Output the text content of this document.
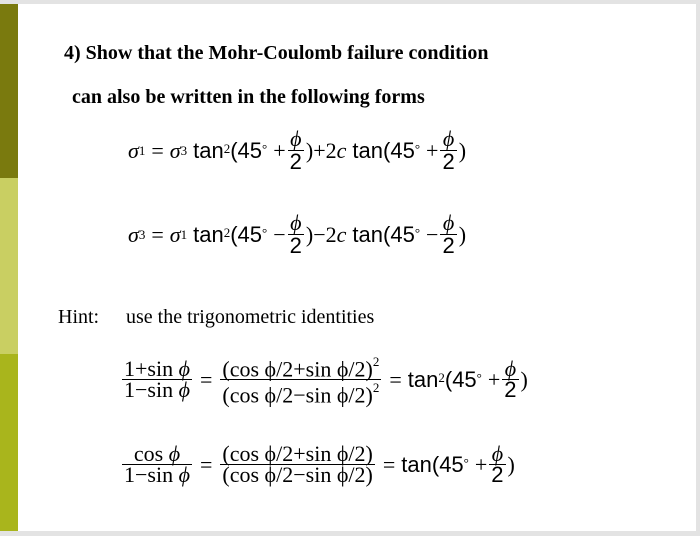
4) Show that the Mohr-Coulomb failure condition
can also be written in the following forms
σ 1 = σ 3 $\tan^2 (45^\circ + \frac{\phi}{2}$ ) + 2 c $\tan(45^\circ + \frac{\phi}{2}$ )
σ 3 = σ 1 $\tan^2 (45^\circ - \frac{\phi}{2}$ ) − 2 c $\tan(45^\circ - \frac{\phi}{2}$ )
Hint: use the trigonometric identities
$\frac{\text{1+sin ϕ}}{\text{1−sin ϕ}} = \frac{(\cos \phi/2+\sin \phi/2)^2}{(\cos \phi/2-\sin \phi/2)^2} = \tan^2 (45^\circ + \frac{\phi}{2}$ )
$\frac{\text{cos ϕ}}{\text{1−sin ϕ}} = \frac{\text{(cos ϕ/2+sin ϕ/2)}}{\text{(cos ϕ/2−sin ϕ/2)}} = \tan(45^\circ + \frac{\phi}{2}$ )
